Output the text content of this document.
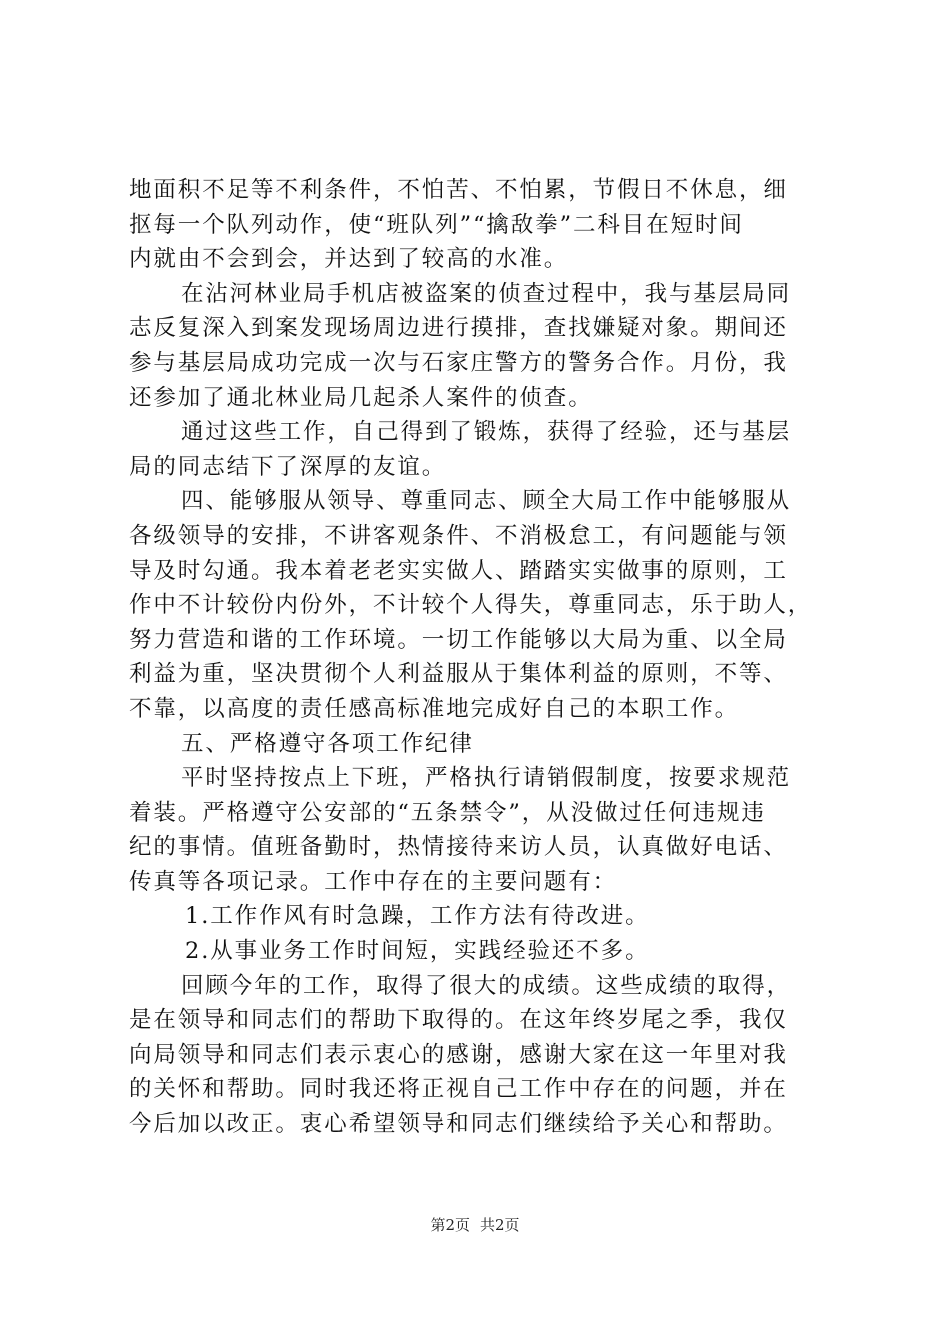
地面积不足等不利条件，不怕苦、不怕累，节假日不休息，细
抠每一个队列动作，使“班队列”“擒敌拳”二科目在短时间
内就由不会到会，并达到了较高的水准。
在沾河林业局手机店被盗案的侦查过程中，我与基层局同
志反复深入到案发现场周边进行摸排，查找嫌疑对象。期间还
参与基层局成功完成一次与石家庄警方的警务合作。月份，我
还参加了通北林业局几起杀人案件的侦查。
通过这些工作，自己得到了锻炼，获得了经验，还与基层
局的同志结下了深厚的友谊。
四、能够服从领导、尊重同志、顾全大局工作中能够服从
各级领导的安排，不讲客观条件、不消极怠工，有问题能与领
导及时勾通。我本着老老实实做人、踏踏实实做事的原则，工
作中不计较份内份外，不计较个人得失，尊重同志，乐于助人，
努力营造和谐的工作环境。一切工作能够以大局为重、以全局
利益为重，坚决贯彻个人利益服从于集体利益的原则，不等、
不靠，以高度的责任感高标准地完成好自己的本职工作。
五、严格遵守各项工作纪律
平时坚持按点上下班，严格执行请销假制度，按要求规范
着装。严格遵守公安部的“五条禁令”，从没做过任何违规违
纪的事情。值班备勤时，热情接待来访人员，认真做好电话、
传真等各项记录。工作中存在的主要问题有：
1.工作作风有时急躁，工作方法有待改进。
2.从事业务工作时间短，实践经验还不多。
回顾今年的工作，取得了很大的成绩。这些成绩的取得，
是在领导和同志们的帮助下取得的。在这年终岁尾之季，我仅
向局领导和同志们表示衷心的感谢，感谢大家在这一年里对我
的关怀和帮助。同时我还将正视自己工作中存在的问题，并在
今后加以改正。衷心希望领导和同志们继续给予关心和帮助。
第2页 共2页
